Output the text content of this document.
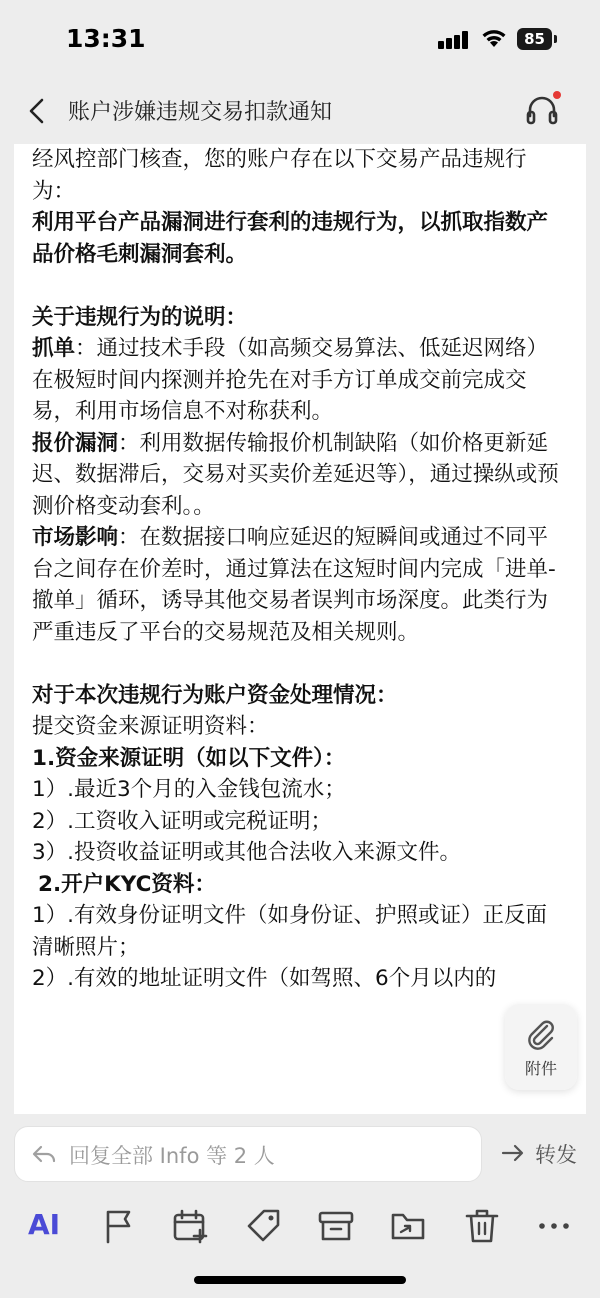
13:31	85
账户涉嫌违规交易扣款通知
经风控部门核查，您的账户存在以下交易产品违规行为：
利用平台产品漏洞进行套利的违规行为，以抓取指数产品价格毛刺漏洞套利。
关于违规行为的说明：
抓单：通过技术手段（如高频交易算法、低延迟网络）在极短时间内探测并抢先在对手方订单成交前完成交易，利用市场信息不对称获利。
报价漏洞：利用数据传输报价机制缺陷（如价格更新延迟、数据滞后，交易对买卖价差延迟等），通过操纵或预测价格变动套利。。
市场影响：在数据接口响应延迟的短瞬间或通过不同平台之间存在价差时，通过算法在这短时间内完成「进单-撤单」循环，诱导其他交易者误判市场深度。此类行为严重违反了平台的交易规范及相关规则。
对于本次违规行为账户资金处理情况：
提交资金来源证明资料：
1.资金来源证明（如以下文件）：
1）.最近3个月的入金钱包流水；
2）.工资收入证明或完税证明；
3）.投资收益证明或其他合法收入来源文件。
2.开户KYC资料：
1）.有效身份证明文件（如身份证、护照或证）正反面清晰照片；
2）.有效的地址证明文件（如驾照、6个月以内的
附件
回复全部 Info 等 2 人	转发
AI
